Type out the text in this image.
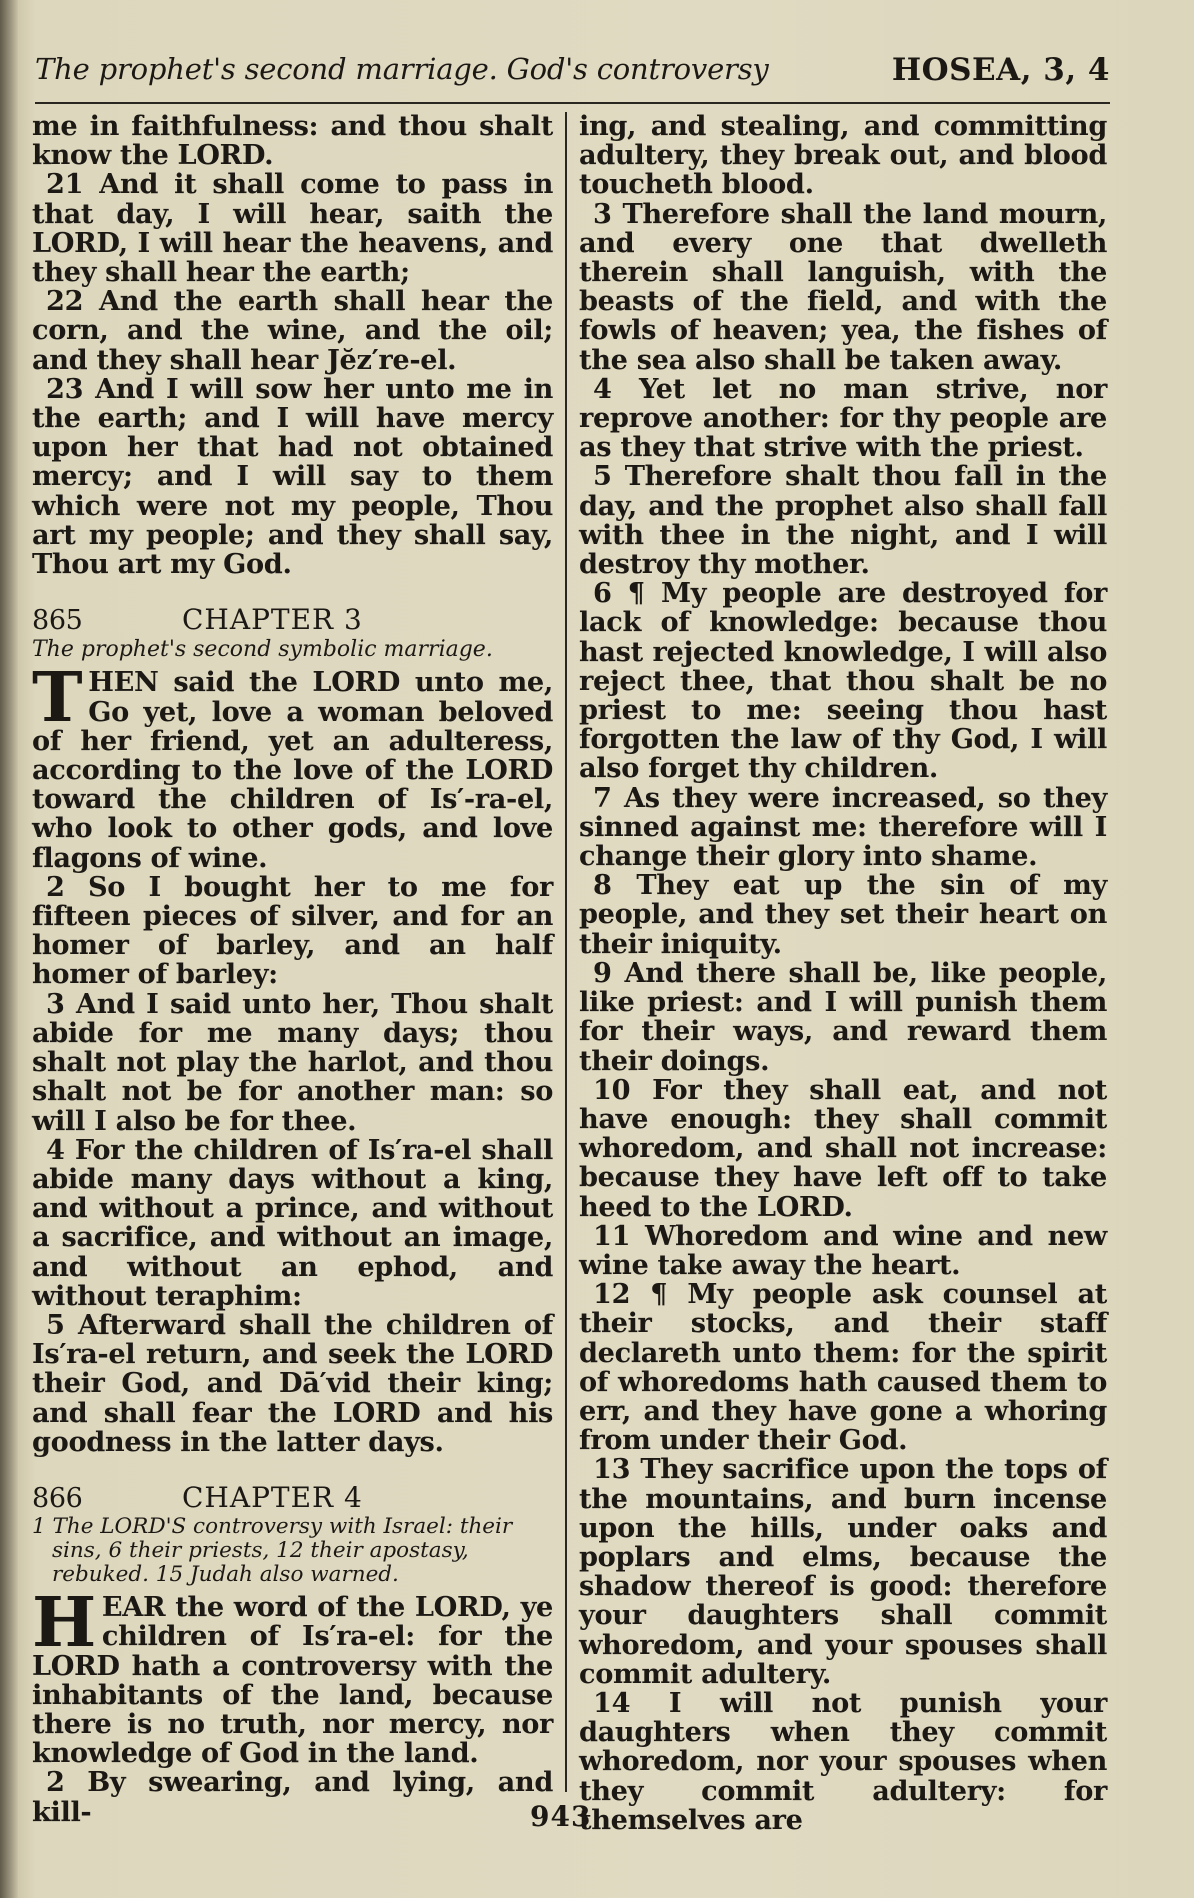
The prophet's second marriage. God's controversy	HOSEA, 3, 4

me in faithfulness: and thou shalt know the LORD.

21 And it shall come to pass in that day, I will hear, saith the LORD, I will hear the heavens, and they shall hear the earth;

22 And the earth shall hear the corn, and the wine, and the oil; and they shall hear Jĕz′re-el.

23 And I will sow her unto me in the earth; and I will have mercy upon her that had not obtained mercy; and I will say to them which were not my people, Thou art my people; and they shall say, Thou art my God.

865	CHAPTER 3
The prophet's second symbolic marriage.

THEN said the LORD unto me, Go yet, love a woman beloved of her friend, yet an adulteress, according to the love of the LORD toward the children of Is′-ra-el, who look to other gods, and love flagons of wine.

2 So I bought her to me for fifteen pieces of silver, and for an homer of barley, and an half homer of barley:

3 And I said unto her, Thou shalt abide for me many days; thou shalt not play the harlot, and thou shalt not be for another man: so will I also be for thee.

4 For the children of Is′ra-el shall abide many days without a king, and without a prince, and without a sacrifice, and without an image, and without an ephod, and without teraphim:

5 Afterward shall the children of Is′ra-el return, and seek the LORD their God, and Dā′vid their king; and shall fear the LORD and his goodness in the latter days.

866	CHAPTER 4
1 The LORD'S controversy with Israel: their sins, 6 their priests, 12 their apostasy, rebuked. 15 Judah also warned.

HEAR the word of the LORD, ye children of Is′ra-el: for the LORD hath a controversy with the inhabitants of the land, because there is no truth, nor mercy, nor knowledge of God in the land.

2 By swearing, and lying, and kill-

ing, and stealing, and committing adultery, they break out, and blood toucheth blood.

3 Therefore shall the land mourn, and every one that dwelleth therein shall languish, with the beasts of the field, and with the fowls of heaven; yea, the fishes of the sea also shall be taken away.

4 Yet let no man strive, nor reprove another: for thy people are as they that strive with the priest.

5 Therefore shalt thou fall in the day, and the prophet also shall fall with thee in the night, and I will destroy thy mother.

6 ¶ My people are destroyed for lack of knowledge: because thou hast rejected knowledge, I will also reject thee, that thou shalt be no priest to me: seeing thou hast forgotten the law of thy God, I will also forget thy children.

7 As they were increased, so they sinned against me: therefore will I change their glory into shame.

8 They eat up the sin of my people, and they set their heart on their iniquity.

9 And there shall be, like people, like priest: and I will punish them for their ways, and reward them their doings.

10 For they shall eat, and not have enough: they shall commit whoredom, and shall not increase: because they have left off to take heed to the LORD.

11 Whoredom and wine and new wine take away the heart.

12 ¶ My people ask counsel at their stocks, and their staff declareth unto them: for the spirit of whoredoms hath caused them to err, and they have gone a whoring from under their God.

13 They sacrifice upon the tops of the mountains, and burn incense upon the hills, under oaks and poplars and elms, because the shadow thereof is good: therefore your daughters shall commit whoredom, and your spouses shall commit adultery.

14 I will not punish your daughters when they commit whoredom, nor your spouses when they commit adultery: for themselves are

943
